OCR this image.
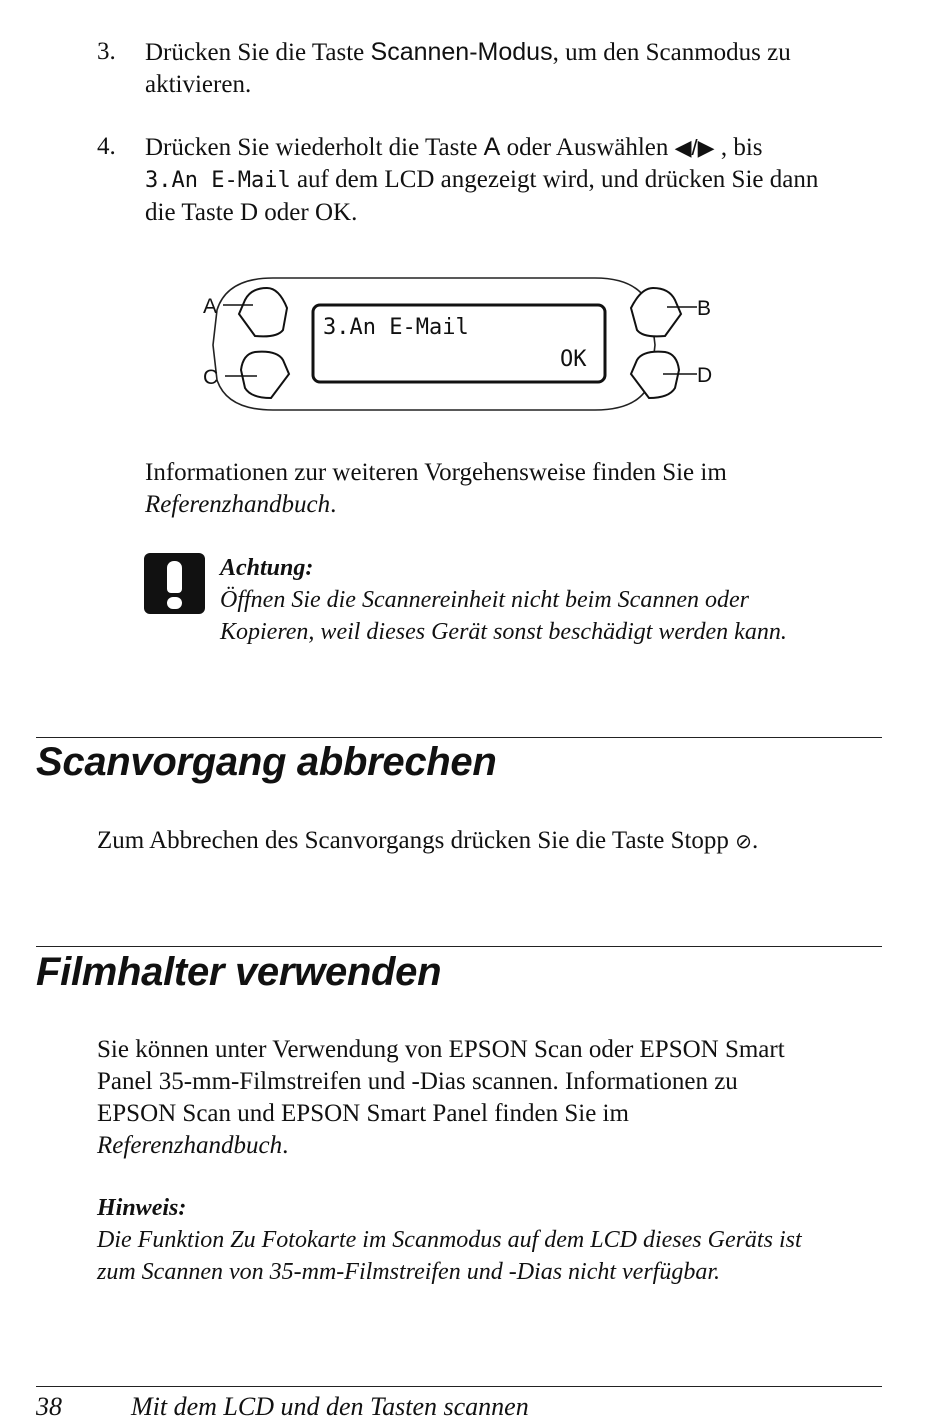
3.	Drücken Sie die Taste Scannen-Modus, um den Scanmodus zu
aktivieren.
4.	Drücken Sie wiederholt die Taste A oder Auswählen ◀/▶ , bis
3.An E-Mail auf dem LCD angezeigt wird, und drücken Sie dann
die Taste D oder OK.
3.An E-Mail
OK
A
C
B
D
Informationen zur weiteren Vorgehensweise finden Sie im
Referenzhandbuch.
Achtung:
Öffnen Sie die Scannereinheit nicht beim Scannen oder
Kopieren, weil dieses Gerät sonst beschädigt werden kann.
Scanvorgang abbrechen
Zum Abbrechen des Scanvorgangs drücken Sie die Taste Stopp ⊘.
Filmhalter verwenden
Sie können unter Verwendung von EPSON Scan oder EPSON Smart
Panel 35-mm-Filmstreifen und -Dias scannen. Informationen zu
EPSON Scan und EPSON Smart Panel finden Sie im
Referenzhandbuch.
Hinweis:
Die Funktion Zu Fotokarte im Scanmodus auf dem LCD dieses Geräts ist
zum Scannen von 35-mm-Filmstreifen und -Dias nicht verfügbar.
38	Mit dem LCD und den Tasten scannen
